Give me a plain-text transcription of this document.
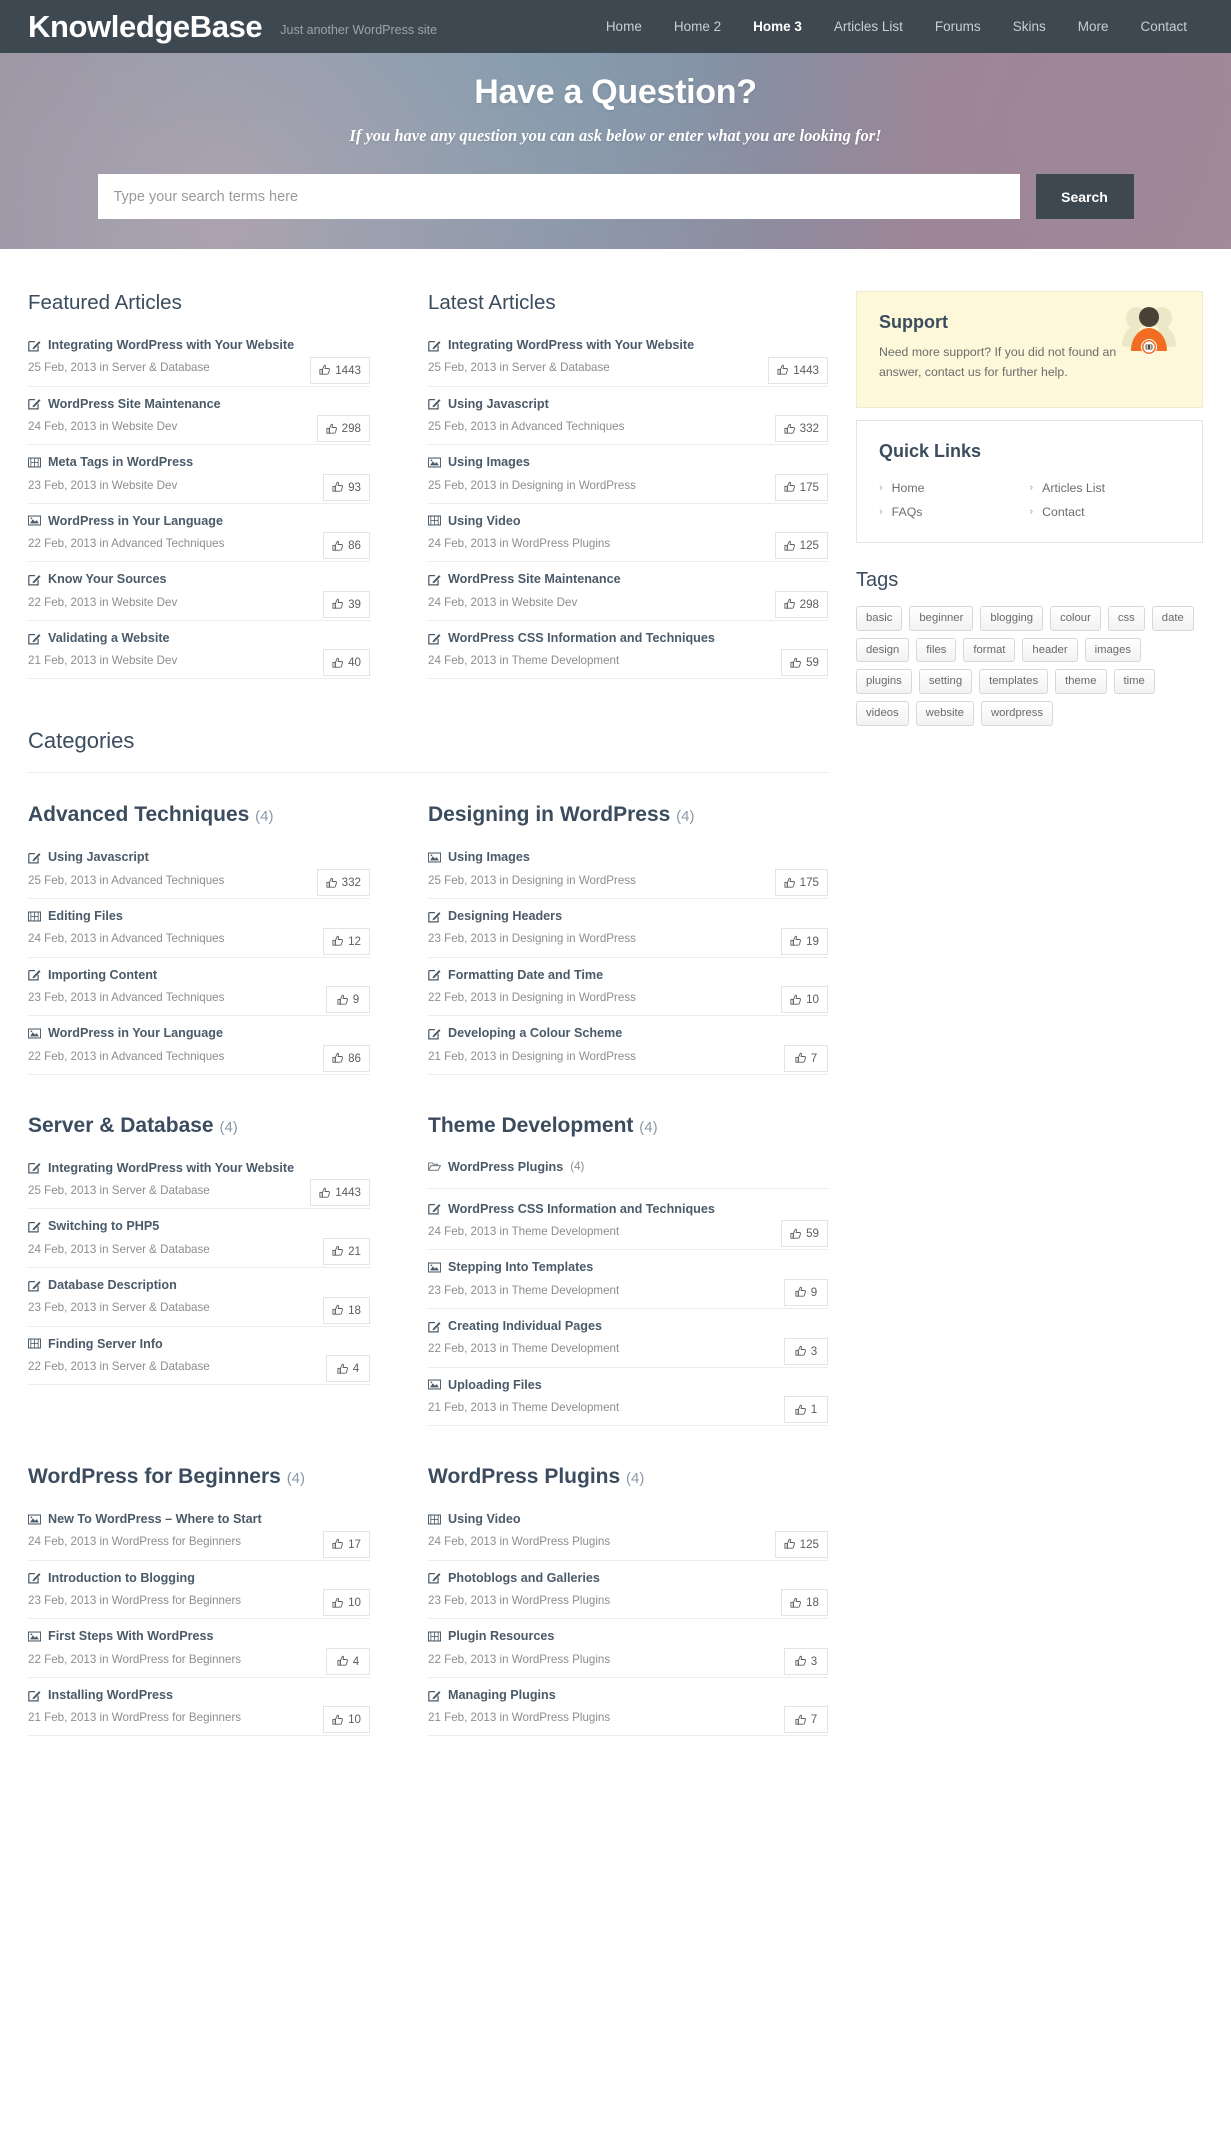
KnowledgeBase Just another WordPress site	Home	Home 2	Home 3	Articles List	Forums	Skins	More	Contact
Have a Question?

If you have any question you can ask below or enter what you are looking for!

Type your search terms here
Search
Featured Articles
Integrating WordPress with Your Website
25 Feb, 2013 in Server & Database	1443
WordPress Site Maintenance
24 Feb, 2013 in Website Dev	298
Meta Tags in WordPress
23 Feb, 2013 in Website Dev	93
WordPress in Your Language
22 Feb, 2013 in Advanced Techniques	86
Know Your Sources
22 Feb, 2013 in Website Dev	39
Validating a Website
21 Feb, 2013 in Website Dev	40
Latest Articles
Integrating WordPress with Your Website
25 Feb, 2013 in Server & Database	1443
Using Javascript
25 Feb, 2013 in Advanced Techniques	332
Using Images
25 Feb, 2013 in Designing in WordPress	175
Using Video
24 Feb, 2013 in WordPress Plugins	125
WordPress Site Maintenance
24 Feb, 2013 in Website Dev	298
WordPress CSS Information and Techniques
24 Feb, 2013 in Theme Development	59
Categories
Advanced Techniques (4)
Using Javascript
25 Feb, 2013 in Advanced Techniques	332
Editing Files
24 Feb, 2013 in Advanced Techniques	12
Importing Content
23 Feb, 2013 in Advanced Techniques	9
WordPress in Your Language
22 Feb, 2013 in Advanced Techniques	86
Designing in WordPress (4)
Using Images
25 Feb, 2013 in Designing in WordPress	175
Designing Headers
23 Feb, 2013 in Designing in WordPress	19
Formatting Date and Time
22 Feb, 2013 in Designing in WordPress	10
Developing a Colour Scheme
21 Feb, 2013 in Designing in WordPress	7
Server & Database (4)
Integrating WordPress with Your Website
25 Feb, 2013 in Server & Database	1443
Switching to PHP5
24 Feb, 2013 in Server & Database	21
Database Description
23 Feb, 2013 in Server & Database	18
Finding Server Info
22 Feb, 2013 in Server & Database	4
Theme Development (4)
WordPress Plugins (4)
WordPress CSS Information and Techniques
24 Feb, 2013 in Theme Development	59
Stepping Into Templates
23 Feb, 2013 in Theme Development	9
Creating Individual Pages
22 Feb, 2013 in Theme Development	3
Uploading Files
21 Feb, 2013 in Theme Development	1
WordPress for Beginners (4)
New To WordPress – Where to Start
24 Feb, 2013 in WordPress for Beginners	17
Introduction to Blogging
23 Feb, 2013 in WordPress for Beginners	10
First Steps With WordPress
22 Feb, 2013 in WordPress for Beginners	4
Installing WordPress
21 Feb, 2013 in WordPress for Beginners	10
WordPress Plugins (4)
Using Video
24 Feb, 2013 in WordPress Plugins	125
Photoblogs and Galleries
23 Feb, 2013 in WordPress Plugins	18
Plugin Resources
22 Feb, 2013 in WordPress Plugins	3
Managing Plugins
21 Feb, 2013 in WordPress Plugins	7
Support

Need more support? If you did not found an answer, contact us for further help.

Quick Links
› Home	› Articles List
› FAQs	› Contact
Tags
basic	beginner	blogging	colour	css	date
design	files	format	header	images
plugins	setting	templates	theme	time
videos	website	wordpress
